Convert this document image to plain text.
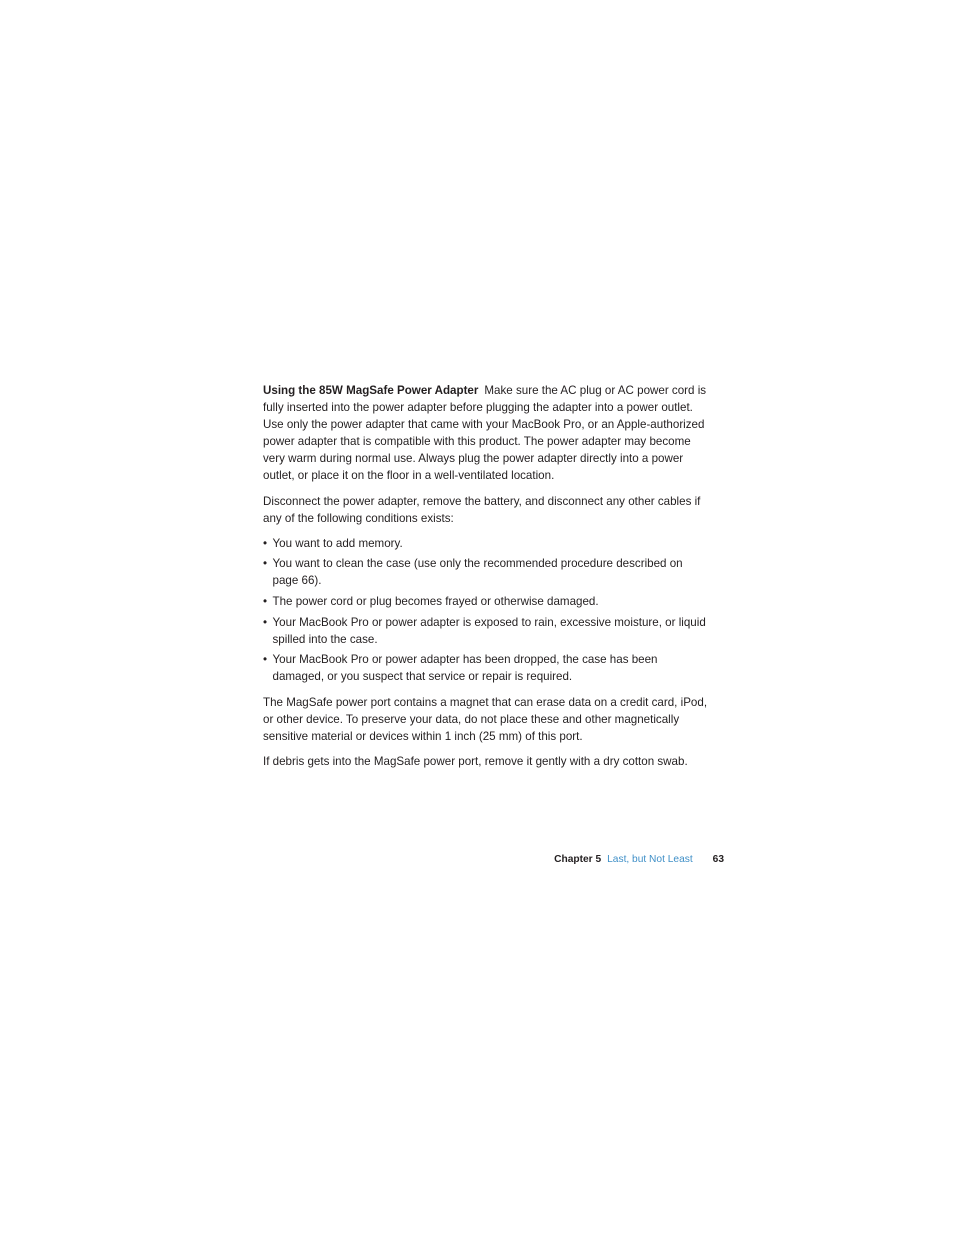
Using the 85W MagSafe Power Adapter Make sure the AC plug or AC power cord is fully inserted into the power adapter before plugging the adapter into a power outlet. Use only the power adapter that came with your MacBook Pro, or an Apple-authorized power adapter that is compatible with this product. The power adapter may become very warm during normal use. Always plug the power adapter directly into a power outlet, or place it on the floor in a well-ventilated location.

Disconnect the power adapter, remove the battery, and disconnect any other cables if any of the following conditions exists:

• You want to add memory.
• You want to clean the case (use only the recommended procedure described on page 66).
• The power cord or plug becomes frayed or otherwise damaged.
• Your MacBook Pro or power adapter is exposed to rain, excessive moisture, or liquid spilled into the case.
• Your MacBook Pro or power adapter has been dropped, the case has been damaged, or you suspect that service or repair is required.

The MagSafe power port contains a magnet that can erase data on a credit card, iPod, or other device. To preserve your data, do not place these and other magnetically sensitive material or devices within 1 inch (25 mm) of this port.

If debris gets into the MagSafe power port, remove it gently with a dry cotton swab.

Chapter 5 Last, but Not Least 63
